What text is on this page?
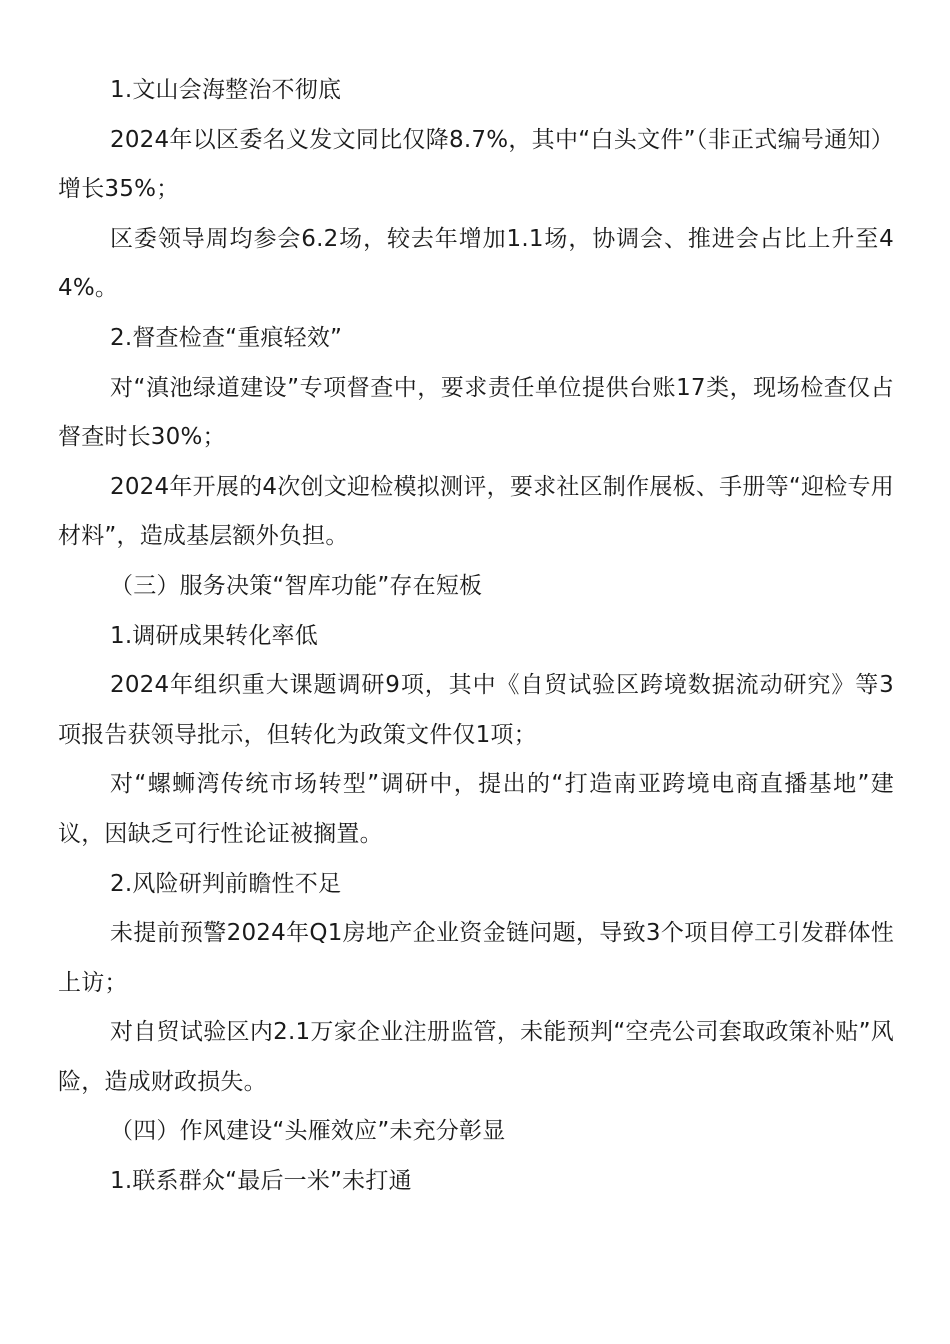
1.文山会海整治不彻底

2024年以区委名义发文同比仅降8.7%，其中“白头文件”（非正式编号通知）增长35%；

区委领导周均参会6.2场，较去年增加1.1场，协调会、推进会占比上升至44%。

2.督查检查“重痕轻效”

对“滇池绿道建设”专项督查中，要求责任单位提供台账17类，现场检查仅占督查时长30%；

2024年开展的4次创文迎检模拟测评，要求社区制作展板、手册等“迎检专用材料”，造成基层额外负担。

（三）服务决策“智库功能”存在短板

1.调研成果转化率低

2024年组织重大课题调研9项，其中《自贸试验区跨境数据流动研究》等3项报告获领导批示，但转化为政策文件仅1项；

对“螺蛳湾传统市场转型”调研中，提出的“打造南亚跨境电商直播基地”建议，因缺乏可行性论证被搁置。

2.风险研判前瞻性不足

未提前预警2024年Q1房地产企业资金链问题，导致3个项目停工引发群体性上访；

对自贸试验区内2.1万家企业注册监管，未能预判“空壳公司套取政策补贴”风险，造成财政损失。

（四）作风建设“头雁效应”未充分彰显

1.联系群众“最后一米”未打通
